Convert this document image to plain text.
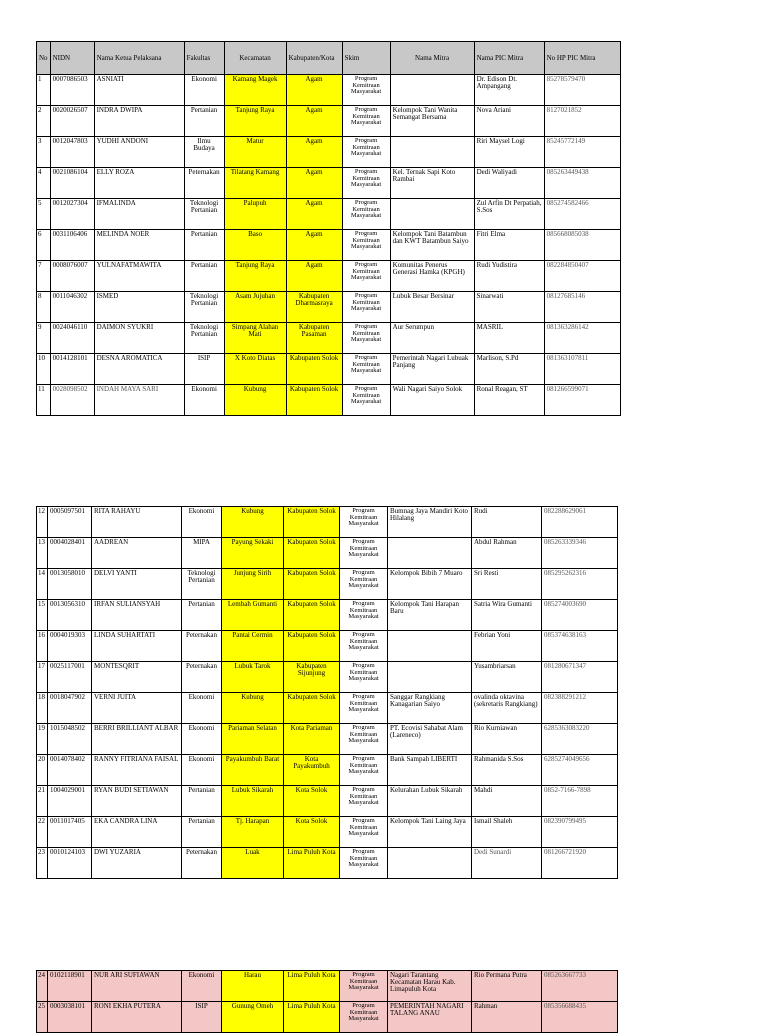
No	NIDN	Nama Ketua Pelaksana	Fakultas	Kecamatan	Kabupaten/Kota	Skim	Nama Mitra	Nama PIC Mitra	No HP PIC Mitra
1	0007086503	ASNIATI	Ekonomi	Kamang Magek	Agam	Program Kemitraan Masyarakat		Dr. Edison Dt. Ampangang	85278579470
2	0020026507	INDRA DWIPA	Pertanian	Tanjung Raya	Agam	Program Kemitraan Masyarakat	Kelompok Tani Wanita Semangat Bersama	Nova Ariani	8127021852
3	0012047803	YUDHI ANDONI	Ilmu Budaya	Matur	Agam	Program Kemitraan Masyarakat		Riri Maysel Logi	85245772149
4	0021086104	ELLY ROZA	Peternakan	Tilatang Kamang	Agam	Program Kemitraan Masyarakat	Kel. Ternak Sapi Koto Rambai	Dedi Waliyadi	085263449438
5	0012027304	IFMALINDA	Teknologi Pertanian	Palupuh	Agam	Program Kemitraan Masyarakat		Zul Arfin Dt Perpatiah, S.Sos	085274582466
6	0031106406	MELINDA NOER	Pertanian	Baso	Agam	Program Kemitraan Masyarakat	Kelompok Tani Batambun dan KWT Batambun Saiyo	Fitri Elma	085668085038
7	0008076007	YULNAFATMAWITA	Pertanian	Tanjung Raya	Agam	Program Kemitraan Masyarakat	Komunitas Penerus Generasi Hamka (KPGH)	Rudi Yudistira	082284850407
8	0011046302	ISMED	Teknologi Pertanian	Asam Jujuhan	Kabupaten Dharmasraya	Program Kemitraan Masyarakat	Lubuk Besar Bersinar	Sinarwati	08127685146
9	0024046110	DAIMON SYUKRI	Teknologi Pertanian	Simpang Alahan Mati	Kabupaten Pasaman	Program Kemitraan Masyarakat	Aur Serumpun	MASRIL	081363286142
10	0014128101	DESNA AROMATICA	ISIP	X Koto Diatas	Kabupaten Solok	Program Kemitraan Masyarakat	Pemerintah Nagari Lubuak Panjang	Marlison, S.Pd	081363107811
11	0028098502	INDAH MAYA SARI	Ekonomi	Kubung	Kabupaten Solok	Program Kemitraan Masyarakat	Wali Nagari Saiyo Solok	Ronal Reagan, ST	081266599071
12	0005097501	RITA RAHAYU	Ekonomi	Kubung	Kabupaten Solok	Program Kemitraan Masyarakat	Bumnag Jaya Mandiri Koto Hilalang	Rudi	082288629061
13	0004028401	AADREAN	MIPA	Payung Sekaki	Kabupaten Solok	Program Kemitraan Masyarakat		Abdul Rahman	085263339346
14	0013058010	DELVI YANTI	Teknologi Pertanian	Junjung Sirih	Kabupaten Solok	Program Kemitraan Masyarakat	Kelompok Bibih 7 Muaro	Sri Resti	085295262316
15	0013056310	IRFAN SULIANSYAH	Pertanian	Lembah Gumanti	Kabupaten Solok	Program Kemitraan Masyarakat	Kelompok Tani Harapan Baru	Satria Wira Gumanti	085274003690
16	0004019303	LINDA SUHARTATI	Peternakan	Pantai Cermin	Kabupaten Solok	Program Kemitraan Masyarakat		Febrian Yoni	085374638163
17	0025117001	MONTESQRIT	Peternakan	Lubuk Tarok	Kabupaten Sijunjung	Program Kemitraan Masyarakat		Yusambriarsan	081280671347
18	0018047902	VERNI JUITA	Ekonomi	Kubung	Kabupaten Solok	Program Kemitraan Masyarakat	Sanggar Rangkiang Kanagarian Saiyo	ovalinda oktavina (sekretaris Rangkiang)	082388291212
19	1015048502	BERRI BRILLIANT ALBAR	Ekonomi	Pariaman Selatan	Kota Pariaman	Program Kemitraan Masyarakat	PT. Ecovisi Sahabat Alam (Lareneco)	Rio Kurniawan	6285363083220
20	0014078402	RANNY FITRIANA FAISAL	Ekonomi	Payakumbuh Barat	Kota Payakumbuh	Program Kemitraan Masyarakat	Bank Sampah LIBERTI	Rahmanida S.Sos	6285274049656
21	1004029001	RYAN BUDI SETIAWAN	Pertanian	Lubuk Sikarah	Kota Solok	Program Kemitraan Masyarakat	Kelurahan Lubuk Sikarah	Mahdi	0852-7166-7898
22	0011017405	EKA CANDRA LINA	Pertanian	Tj. Harapan	Kota Solok	Program Kemitraan Masyarakat	Kelompok Tani Laing Jaya	Ismail Shaleh	082390799495
23	0010124103	DWI YUZARIA	Peternakan	Luak	Lima Puluh Kota	Program Kemitraan Masyarakat		Dedi Sunardi	081266721920
24	0102118901	NUR ARI SUFIAWAN	Ekonomi	Harau	Lima Puluh Kota	Program Kemitraan Masyarakat	Nagari Tarantang Kecamatan Harau Kab. Limapuluh Kota	Rio Permana Putra	085263667733
25	0003038101	RONI EKHA PUTERA	ISIP	Gunung Omeh	Lima Puluh Kota	Program Kemitraan Masyarakat	PEMERINTAH NAGARI TALANG ANAU	Rahman	085356688435
